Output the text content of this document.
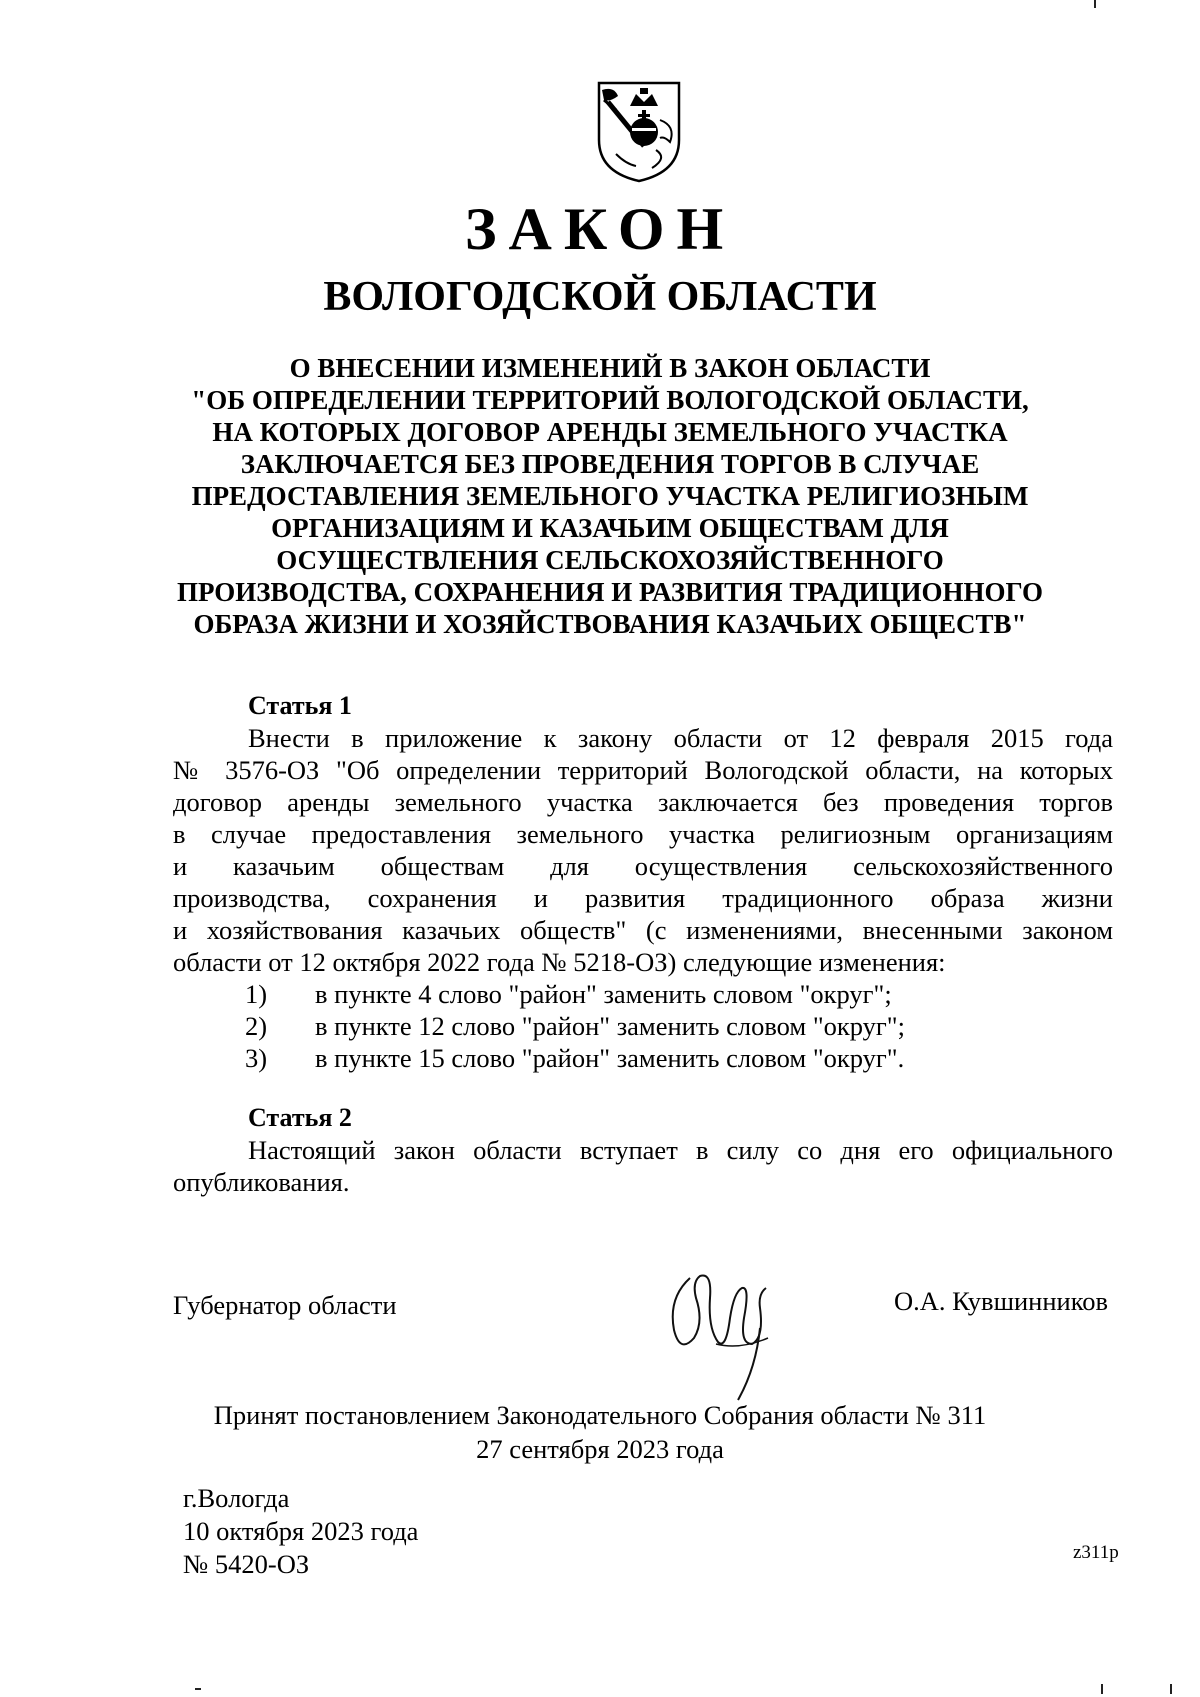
ЗАКОН
ВОЛОГОДСКОЙ ОБЛАСТИ
О ВНЕСЕНИИ ИЗМЕНЕНИЙ В ЗАКОН ОБЛАСТИ
"ОБ ОПРЕДЕЛЕНИИ ТЕРРИТОРИЙ ВОЛОГОДСКОЙ ОБЛАСТИ,
НА КОТОРЫХ ДОГОВОР АРЕНДЫ ЗЕМЕЛЬНОГО УЧАСТКА
ЗАКЛЮЧАЕТСЯ БЕЗ ПРОВЕДЕНИЯ ТОРГОВ В СЛУЧАЕ
ПРЕДОСТАВЛЕНИЯ ЗЕМЕЛЬНОГО УЧАСТКА РЕЛИГИОЗНЫМ
ОРГАНИЗАЦИЯМ И КАЗАЧЬИМ ОБЩЕСТВАМ ДЛЯ
ОСУЩЕСТВЛЕНИЯ СЕЛЬСКОХОЗЯЙСТВЕННОГО
ПРОИЗВОДСТВА, СОХРАНЕНИЯ И РАЗВИТИЯ ТРАДИЦИОННОГО
ОБРАЗА ЖИЗНИ И ХОЗЯЙСТВОВАНИЯ КАЗАЧЬИХ ОБЩЕСТВ"
Статья 1
Внести в приложение к закону области от 12 февраля 2015 года
№ 3576-ОЗ "Об определении территорий Вологодской области, на которых
договор аренды земельного участка заключается без проведения торгов
в случае предоставления земельного участка религиозным организациям
и казачьим обществам для осуществления сельскохозяйственного
производства, сохранения и развития традиционного образа жизни
и хозяйствования казачьих обществ" (с изменениями, внесенными законом
области от 12 октября 2022 года № 5218-ОЗ) следующие изменения:
1) в пункте 4 слово "район" заменить словом "округ";
2) в пункте 12 слово "район" заменить словом "округ";
3) в пункте 15 слово "район" заменить словом "округ".
Статья 2
Настоящий закон области вступает в силу со дня его официального
опубликования.
Губернатор области	О.А. Кувшинников
Принят постановлением Законодательного Собрания области № 311
27 сентября 2023 года
г.Вологда
10 октября 2023 года
№ 5420-ОЗ	z311p
